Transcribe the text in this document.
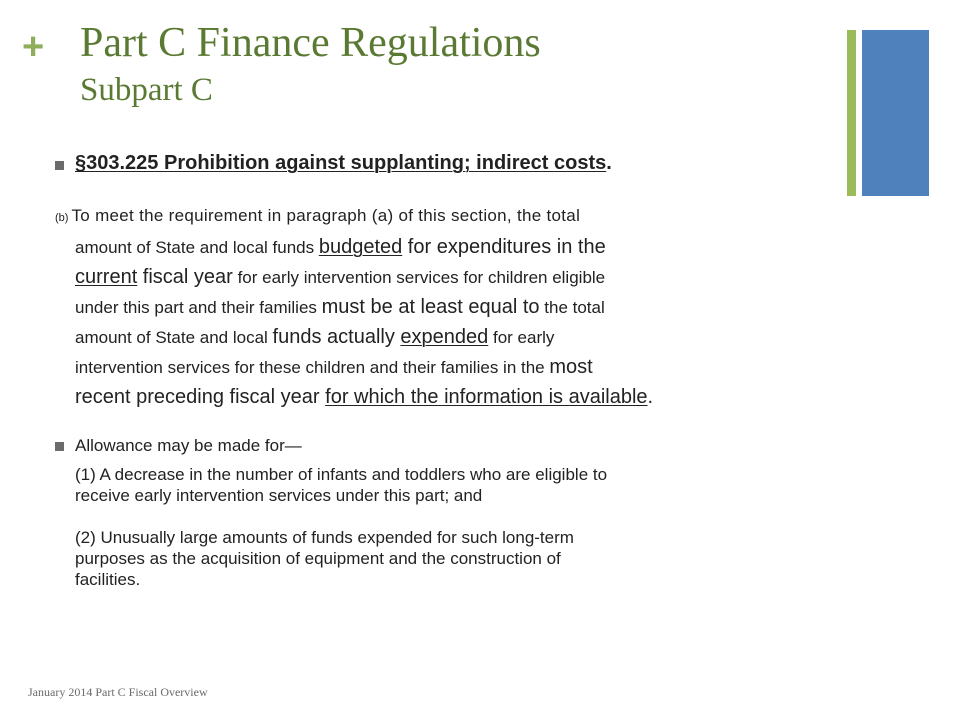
+ Part C Finance Regulations
Subpart C
§303.225 Prohibition against supplanting; indirect costs.
(b) To meet the requirement in paragraph (a) of this section, the total
amount of State and local funds budgeted for expenditures in the
current fiscal year for early intervention services for children eligible
under this part and their families must be at least equal to the total
amount of State and local funds actually expended for early
intervention services for these children and their families in the most
recent preceding fiscal year for which the information is available.
Allowance may be made for—
(1) A decrease in the number of infants and toddlers who are eligible to
receive early intervention services under this part; and
(2) Unusually large amounts of funds expended for such long-term
purposes as the acquisition of equipment and the construction of
facilities.
January 2014 Part C Fiscal Overview
